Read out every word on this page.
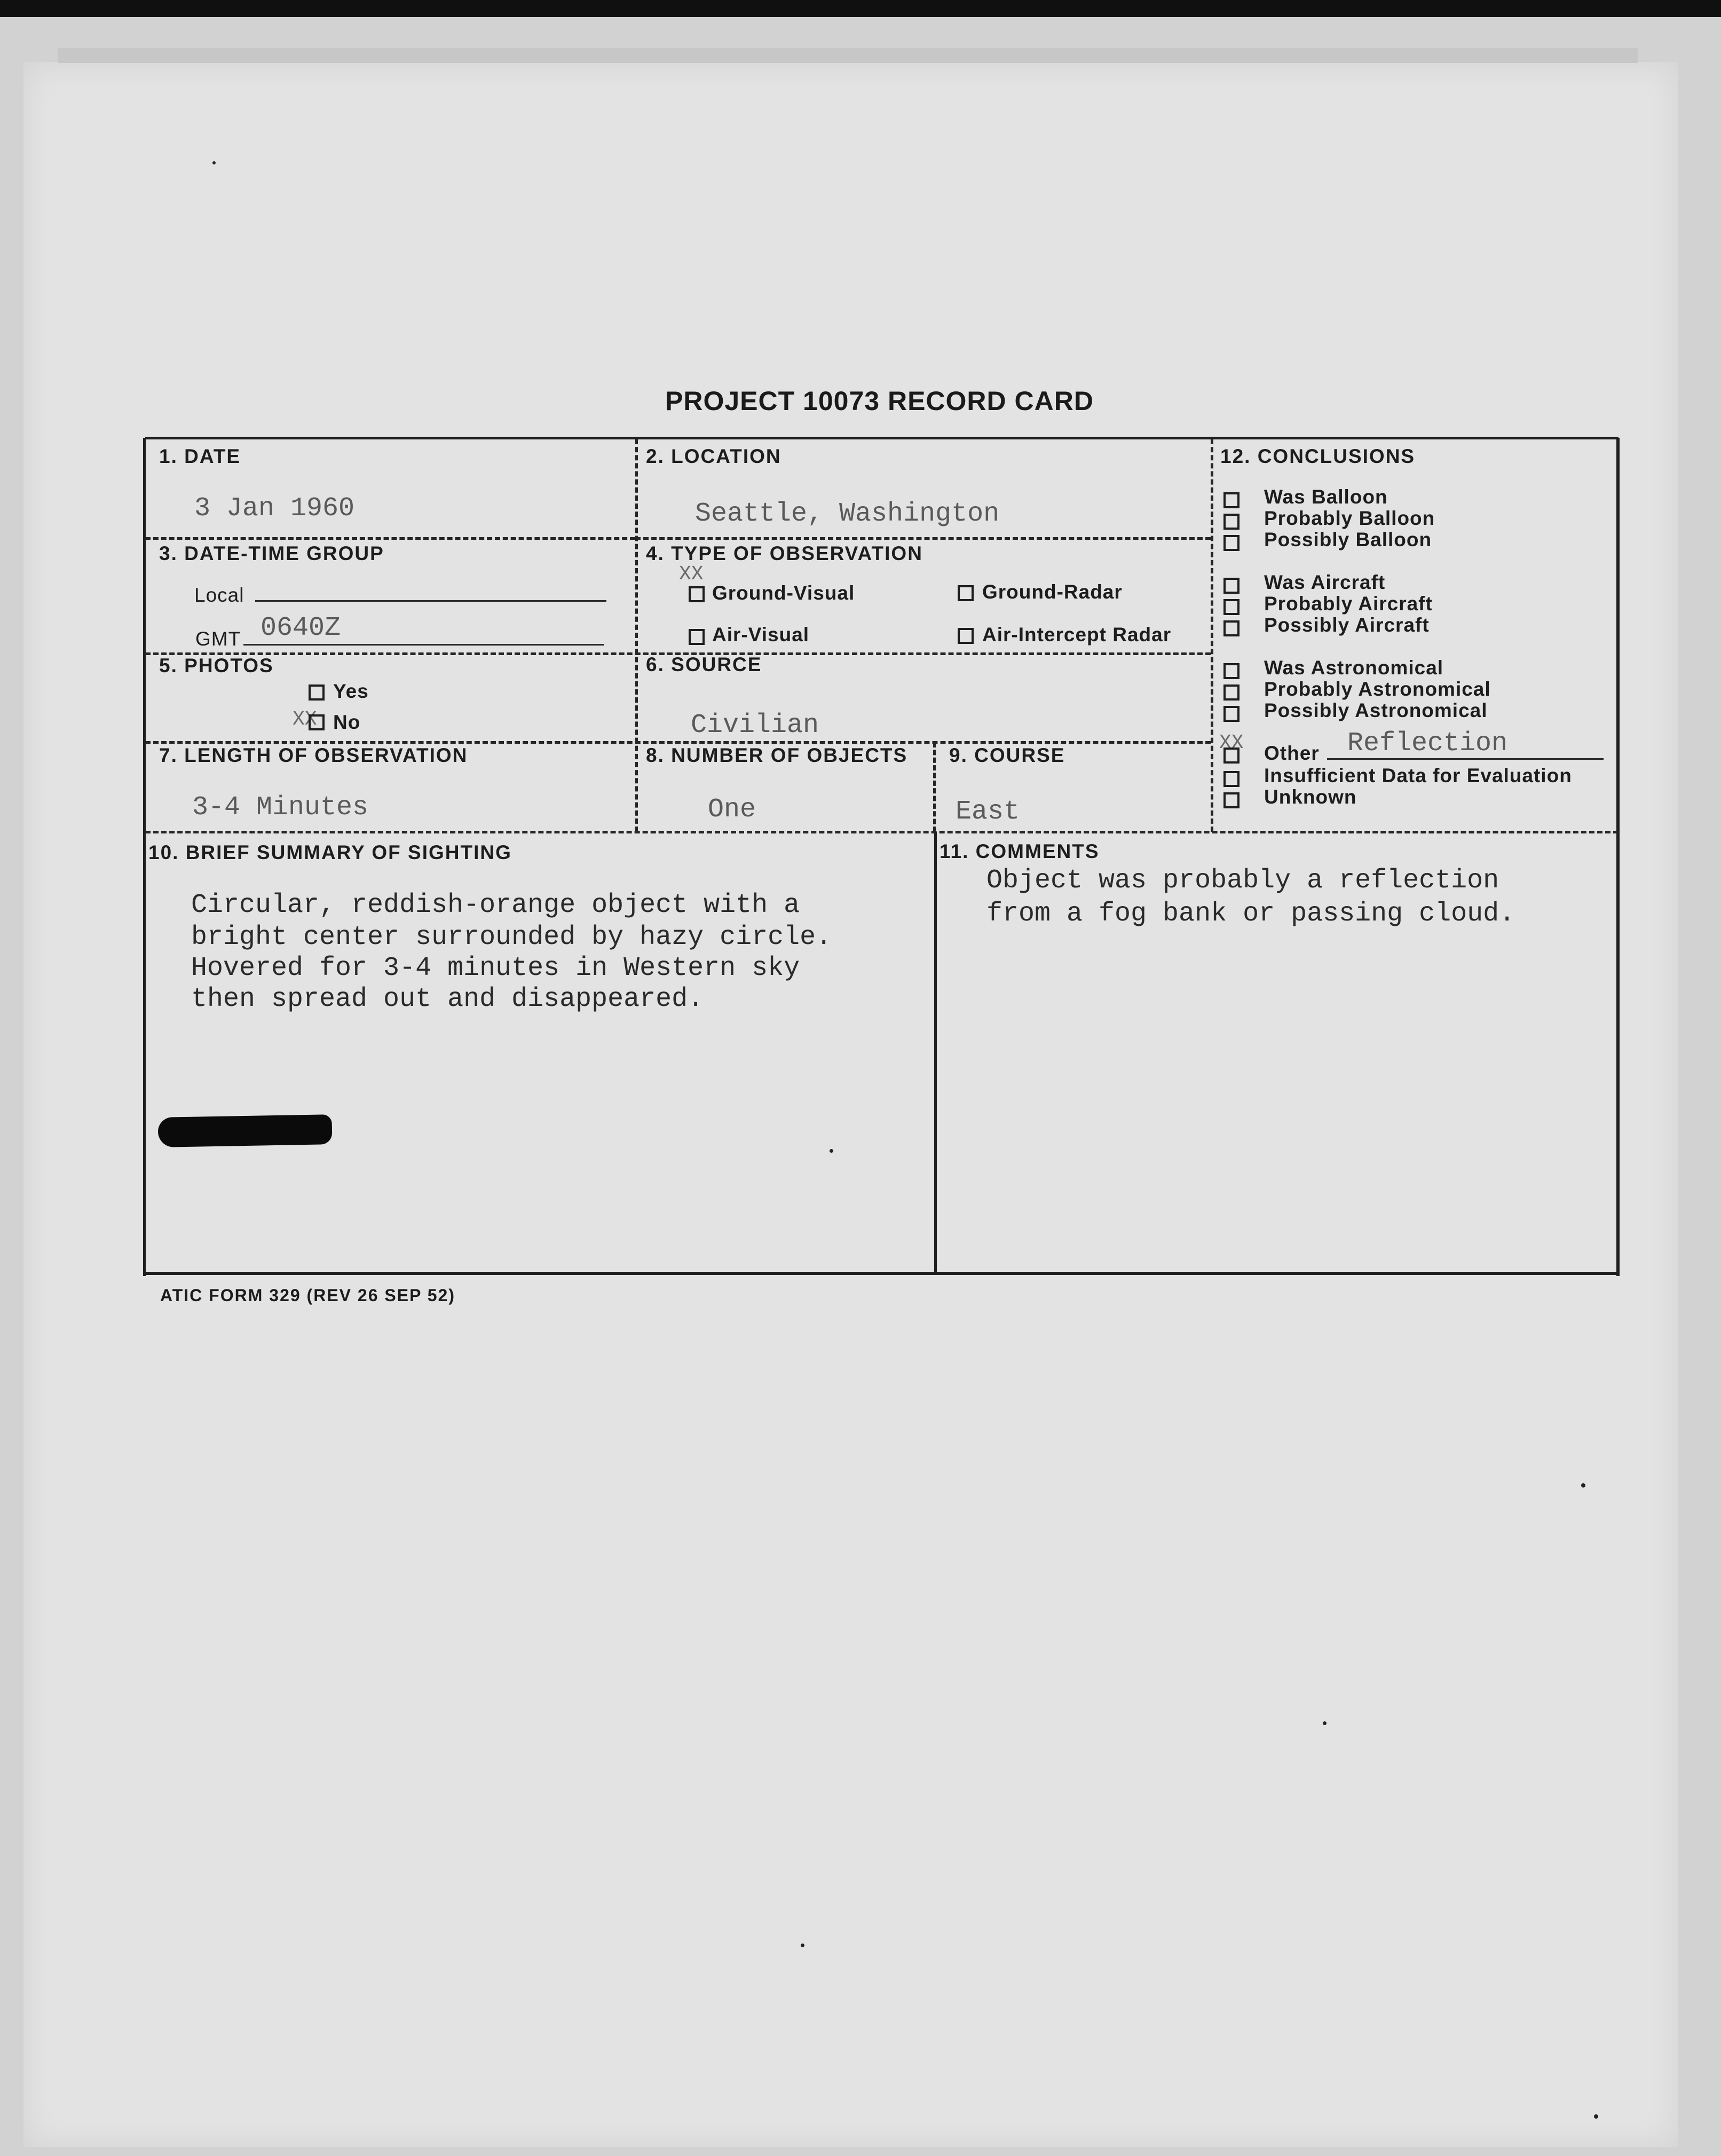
PROJECT 10073 RECORD CARD
1. DATE
3 Jan 1960
2. LOCATION
Seattle, Washington
3. DATE-TIME GROUP
Local
GMT 0640Z
4. TYPE OF OBSERVATION
XX
Ground-Visual	Ground-Radar
Air-Visual	Air-Intercept Radar
5. PHOTOS
Yes
XX No
6. SOURCE
Civilian
7. LENGTH OF OBSERVATION
3-4 Minutes
8. NUMBER OF OBJECTS
One
9. COURSE
East
10. BRIEF SUMMARY OF SIGHTING
Circular, reddish-orange object with a
bright center surrounded by hazy circle.
Hovered for 3-4 minutes in Western sky
then spread out and disappeared.
11. COMMENTS
Object was probably a reflection
from a fog bank or passing cloud.
12. CONCLUSIONS
Was Balloon
Probably Balloon
Possibly Balloon
Was Aircraft
Probably Aircraft
Possibly Aircraft
Was Astronomical
Probably Astronomical
Possibly Astronomical
XX Other Reflection
Insufficient Data for Evaluation
Unknown
ATIC FORM 329 (REV 26 SEP 52)
